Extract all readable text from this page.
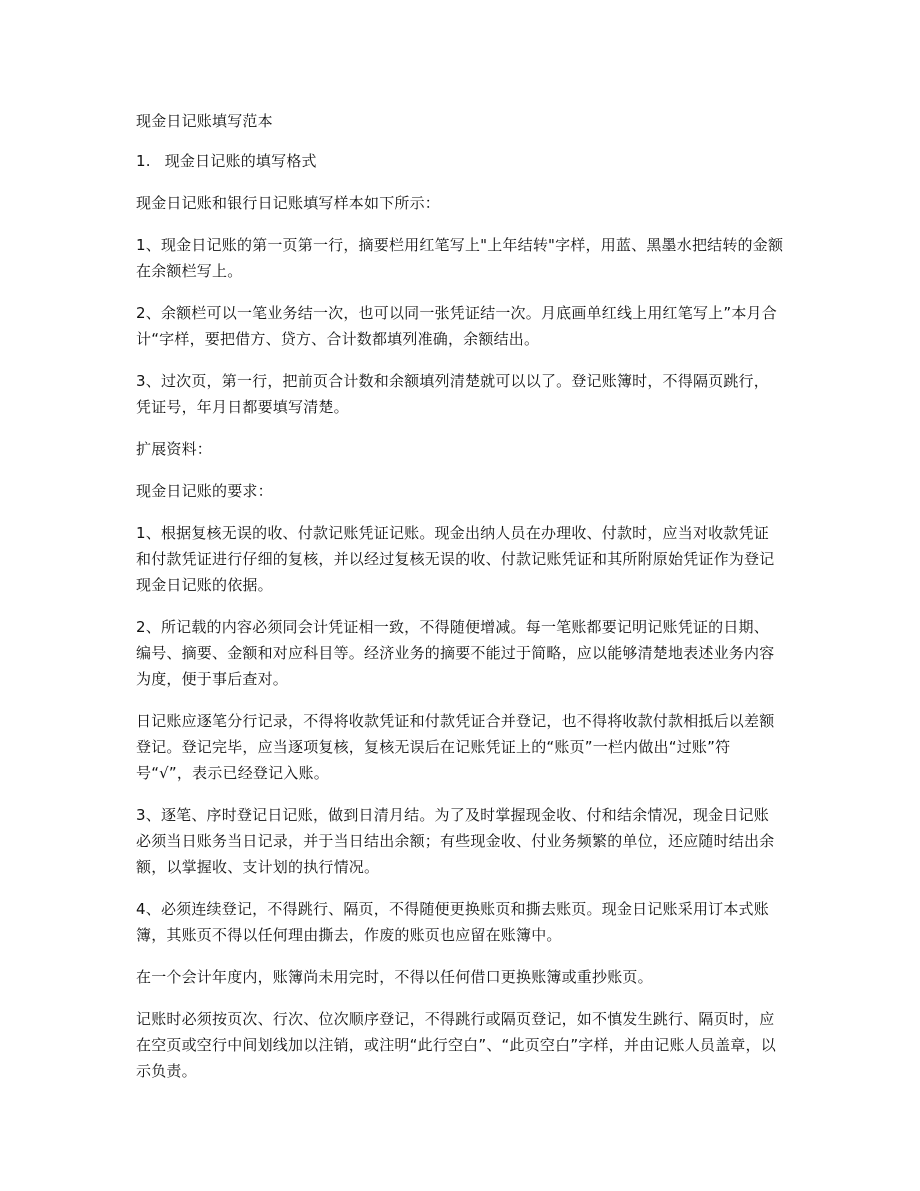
现金日记账填写范本

1. 现金日记账的填写格式

现金日记账和银行日记账填写样本如下所示：

1、现金日记账的第一页第一行，摘要栏用红笔写上"上年结转"字样，用蓝、黑墨水把结转的金额在余额栏写上。

2、余额栏可以一笔业务结一次，也可以同一张凭证结一次。月底画单红线上用红笔写上”本月合计“字样，要把借方、贷方、合计数都填列准确，余额结出。

3、过次页，第一行，把前页合计数和余额填列清楚就可以以了。登记账簿时，不得隔页跳行，凭证号，年月日都要填写清楚。

扩展资料：

现金日记账的要求：

1、根据复核无误的收、付款记账凭证记账。现金出纳人员在办理收、付款时，应当对收款凭证和付款凭证进行仔细的复核，并以经过复核无误的收、付款记账凭证和其所附原始凭证作为登记现金日记账的依据。

2、所记载的内容必须同会计凭证相一致，不得随便增减。每一笔账都要记明记账凭证的日期、编号、摘要、金额和对应科目等。经济业务的摘要不能过于简略，应以能够清楚地表述业务内容为度，便于事后查对。

日记账应逐笔分行记录，不得将收款凭证和付款凭证合并登记，也不得将收款付款相抵后以差额登记。登记完毕，应当逐项复核，复核无误后在记账凭证上的“账页”一栏内做出“过账”符号“√”，表示已经登记入账。

3、逐笔、序时登记日记账，做到日清月结。为了及时掌握现金收、付和结余情况，现金日记账必须当日账务当日记录，并于当日结出余额；有些现金收、付业务频繁的单位，还应随时结出余额，以掌握收、支计划的执行情况。

4、必须连续登记，不得跳行、隔页，不得随便更换账页和撕去账页。现金日记账采用订本式账簿，其账页不得以任何理由撕去，作废的账页也应留在账簿中。

在一个会计年度内，账簿尚未用完时，不得以任何借口更换账簿或重抄账页。

记账时必须按页次、行次、位次顺序登记，不得跳行或隔页登记，如不慎发生跳行、隔页时，应在空页或空行中间划线加以注销，或注明“此行空白”、“此页空白”字样，并由记账人员盖章，以示负责。
